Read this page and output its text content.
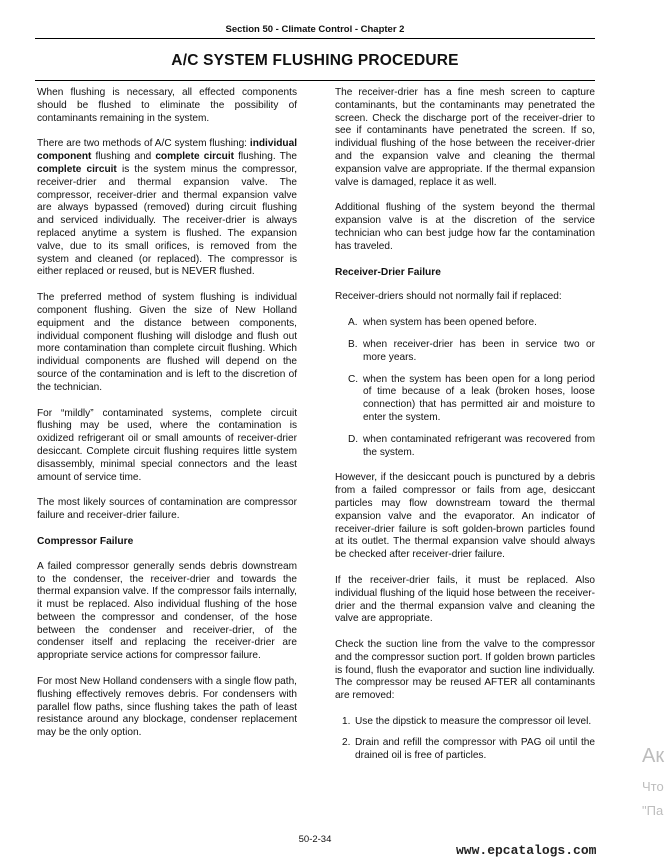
Section 50 - Climate Control - Chapter 2
A/C SYSTEM FLUSHING PROCEDURE

When flushing is necessary, all effected components should be flushed to eliminate the possibility of contaminants remaining in the system.

There are two methods of A/C system flushing: individual component flushing and complete circuit flushing. The complete circuit is the system minus the compressor, receiver-drier and thermal expansion valve. The compressor, receiver-drier and thermal expansion valve are always bypassed (removed) during circuit flushing and serviced individually. The receiver-drier is always replaced anytime a system is flushed. The expansion valve, due to its small orifices, is removed from the system and cleaned (or replaced). The compressor is either replaced or reused, but is NEVER flushed.

The preferred method of system flushing is individual component flushing. Given the size of New Holland equipment and the distance between components, individual component flushing will dislodge and flush out more contamination than complete circuit flushing. Which individual components are flushed will depend on the source of the contamination and is left to the discretion of the technician.

For “mildly” contaminated systems, complete circuit flushing may be used, where the contamination is oxidized refrigerant oil or small amounts of receiver-drier desiccant. Complete circuit flushing requires little system disassembly, minimal special connectors and the least amount of service time.

The most likely sources of contamination are compressor failure and receiver-drier failure.

Compressor Failure

A failed compressor generally sends debris downstream to the condenser, the receiver-drier and towards the thermal expansion valve. If the compressor fails internally, it must be replaced. Also individual flushing of the hose between the compressor and condenser, of the hose between the condenser and receiver-drier, of the condenser itself and replacing the receiver-drier are appropriate service actions for compressor failure.

For most New Holland condensers with a single flow path, flushing effectively removes debris. For condensers with parallel flow paths, since flushing takes the path of least resistance around any blockage, condenser replacement may be the only option.

The receiver-drier has a fine mesh screen to capture contaminants, but the contaminants may penetrated the screen. Check the discharge port of the receiver-drier to see if contaminants have penetrated the screen. If so, individual flushing of the hose between the receiver-drier and the expansion valve and cleaning the thermal expansion valve are appropriate. If the thermal expansion valve is damaged, replace it as well.

Additional flushing of the system beyond the thermal expansion valve is at the discretion of the service technician who can best judge how far the contamination has traveled.

Receiver-Drier Failure

Receiver-driers should not normally fail if replaced:

A. when system has been opened before.
B. when receiver-drier has been in service two or more years.
C. when the system has been open for a long period of time because of a leak (broken hoses, loose connection) that has permitted air and moisture to enter the system.
D. when contaminated refrigerant was recovered from the system.

However, if the desiccant pouch is punctured by a debris from a failed compressor or fails from age, desiccant particles may flow downstream toward the thermal expansion valve and the evaporator. An indicator of receiver-drier failure is soft golden-brown particles found at its outlet. The thermal expansion valve should always be checked after receiver-drier failure.

If the receiver-drier fails, it must be replaced. Also individual flushing of the liquid hose between the receiver-drier and the thermal expansion valve and cleaning the valve are appropriate.

Check the suction line from the valve to the compressor and the compressor suction port. If golden brown particles is found, flush the evaporator and suction line individually. The compressor may be reused AFTER all contaminants are removed:

1. Use the dipstick to measure the compressor oil level.
2. Drain and refill the compressor with PAG oil until the drained oil is free of particles.
50-2-34
www.epcatalogs.com
Ак
Что
"Па
